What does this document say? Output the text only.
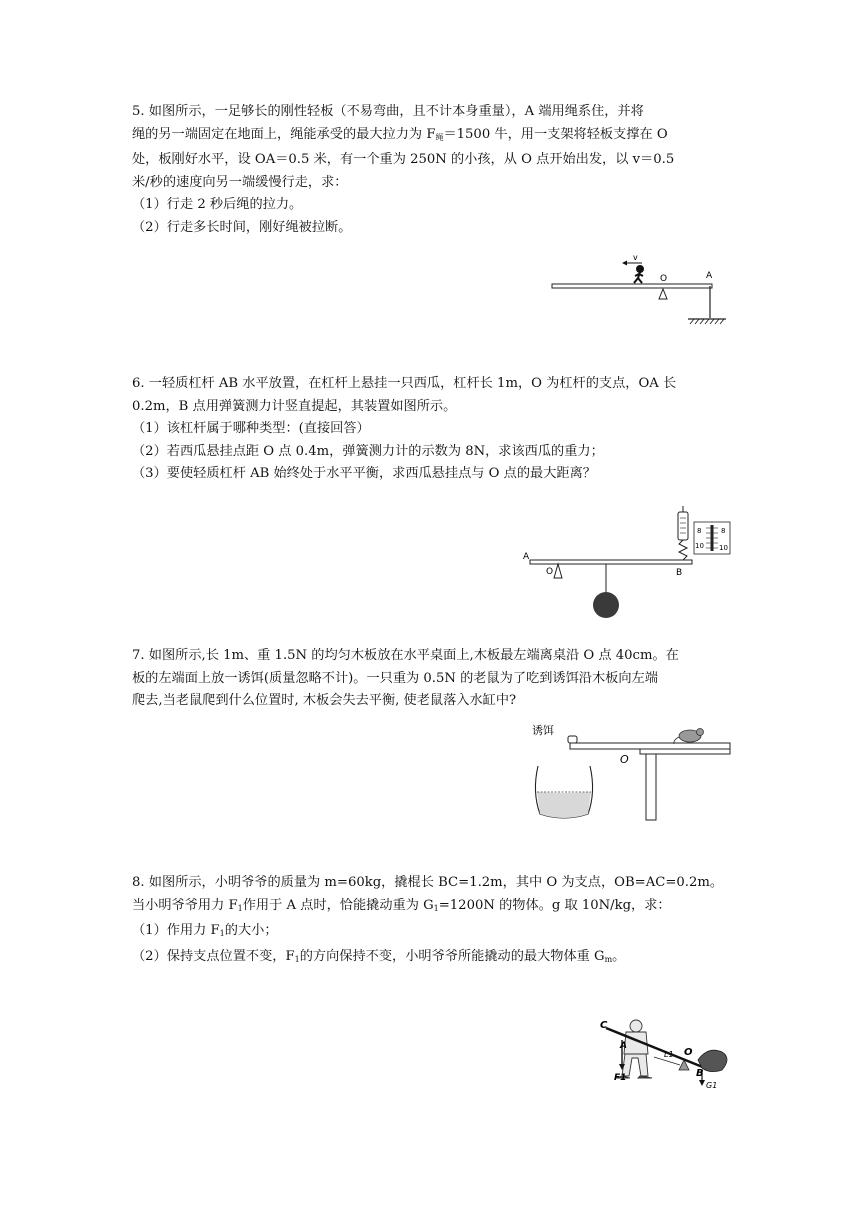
5. 如图所示，一足够长的刚性轻板（不易弯曲，且不计本身重量），A 端用绳系住，并将

绳的另一端固定在地面上，绳能承受的最大拉力为 $F_绳=1500$ 牛，用一支架将轻板支撑在 O

处，板刚好水平，设 OA＝0.5 米，有一个重为 250N 的小孩，从 O 点开始出发，以 v＝0.5

米/秒的速度向另一端缓慢行走，求：

（1）行走 2 秒后绳的拉力。

（2）行走多长时间，刚好绳被拉断。

v
O	A

6. 一轻质杠杆 AB 水平放置，在杠杆上悬挂一只西瓜，杠杆长 1m，O 为杠杆的支点，OA 长

0.2m，B 点用弹簧测力计竖直提起，其装置如图所示。

（1）该杠杆属于哪种类型：(直接回答）

（2）若西瓜悬挂点距 O 点 0.4m，弹簧测力计的示数为 8N，求该西瓜的重力；

（3）要使轻质杠杆 AB 始终处于水平平衡，求西瓜悬挂点与 O 点的最大距离？

A
O	B
8	8
10 10

7. 如图所示,长 1m、重 1.5N 的均匀木板放在水平桌面上,木板最左端离桌沿 O 点 40cm。在

板的左端面上放一诱饵(质量忽略不计)。一只重为 0.5N 的老鼠为了吃到诱饵沿木板向左端

爬去,当老鼠爬到什么位置时, 木板会失去平衡, 使老鼠落入水缸中?

诱饵
O

8. 如图所示，小明爷爷的质量为 m=60kg，撬棍长 BC=1.2m，其中 O 为支点，OB=AC=0.2m。

当小明爷爷用力 $F_1$作用于 A 点时，恰能撬动重为 $G_1=1200N$ 的物体。g 取 10N/kg，求：

（1）作用力 $F_1$的大小；

（2）保持支点位置不变，$F_1$的方向保持不变，小明爷爷所能撬动的最大物体重 $G_m$。

C
A
L1 O
B
F1
G1
